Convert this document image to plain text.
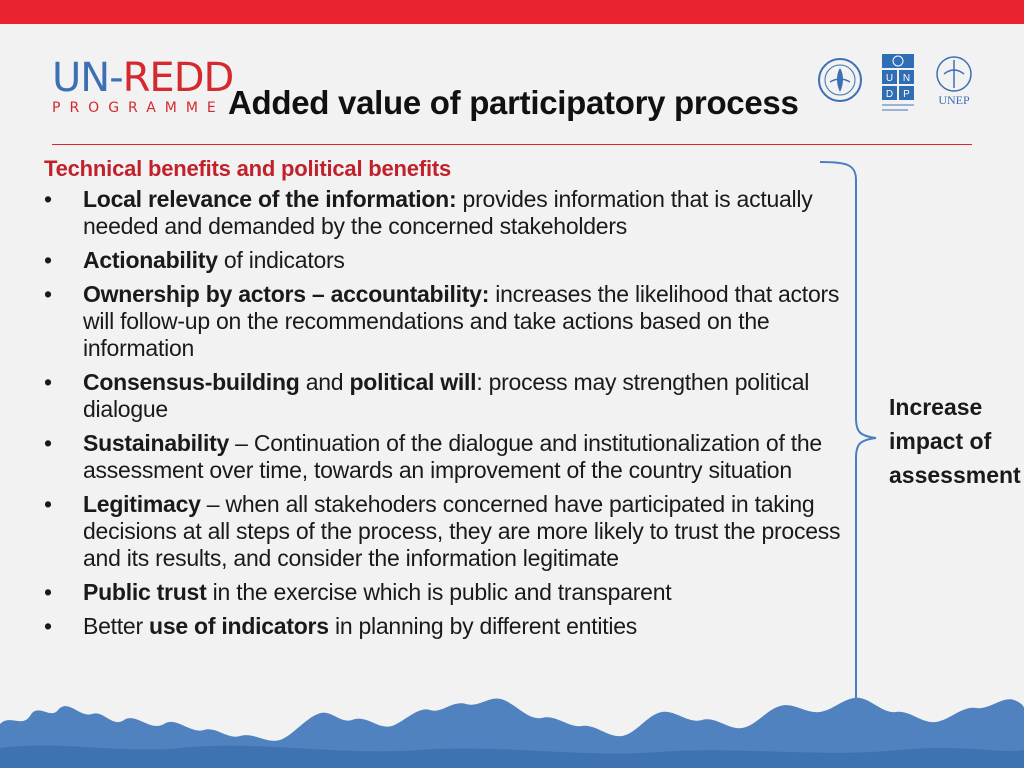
UN-REDD
PROGRAMME Added value of participatory process
U N
D P UNEP
Technical benefits and political benefits
• Local relevance of the information: provides information that is actually needed and demanded by the concerned stakeholders
• Actionability of indicators
• Ownership by actors – accountability: increases the likelihood that actors will follow-up on the recommendations and take actions based on the information
• Consensus-building and political will: process may strengthen political dialogue
• Sustainability – Continuation of the dialogue and institutionalization of the assessment over time, towards an improvement of the country situation
• Legitimacy – when all stakehoders concerned have participated in taking decisions at all steps of the process, they are more likely to trust the process and its results, and consider the information legitimate
• Public trust in the exercise which is public and transparent
• Better use of indicators in planning by different entities
Increase
impact of
assessment
